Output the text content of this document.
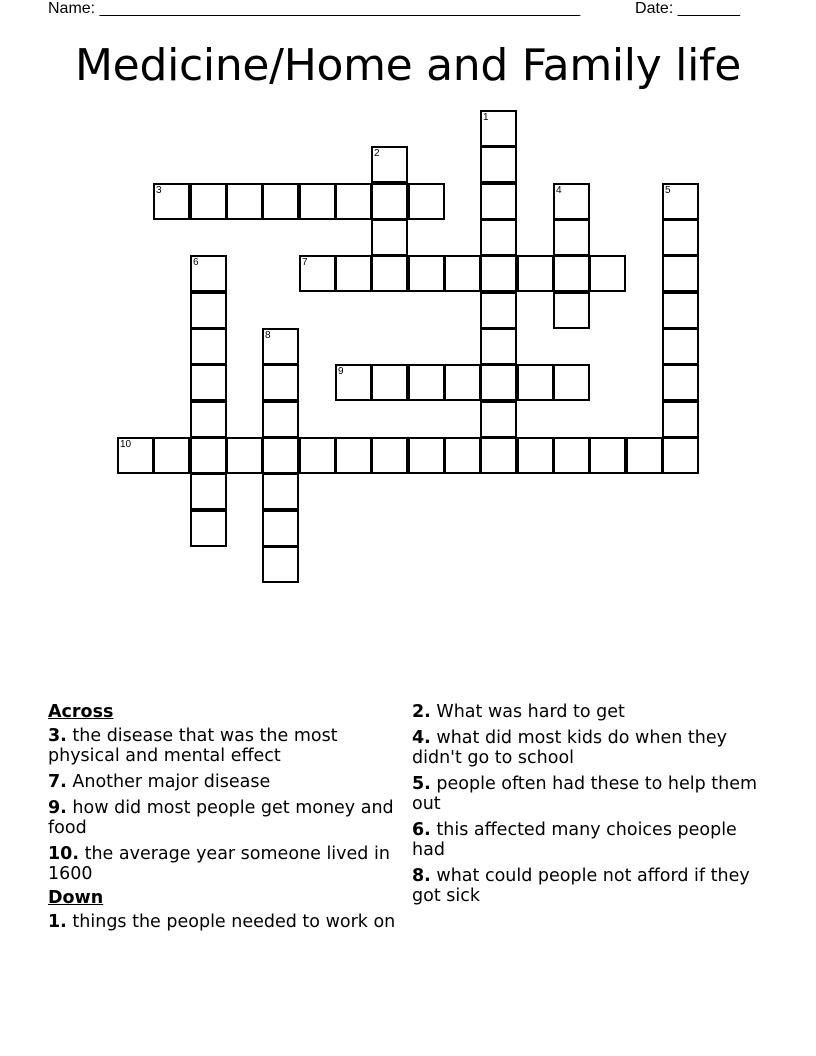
Name: ______________________________________________________	Date: _______
Medicine/Home and Family life
1
2
3	4	5
6	7
8
9
10
Across
3. the disease that was the most physical and mental effect
7. Another major disease
9. how did most people get money and food
10. the average year someone lived in 1600
Down
1. things the people needed to work on
2. What was hard to get
4. what did most kids do when they didn't go to school
5. people often had these to help them out
6. this affected many choices people had
8. what could people not afford if they got sick
